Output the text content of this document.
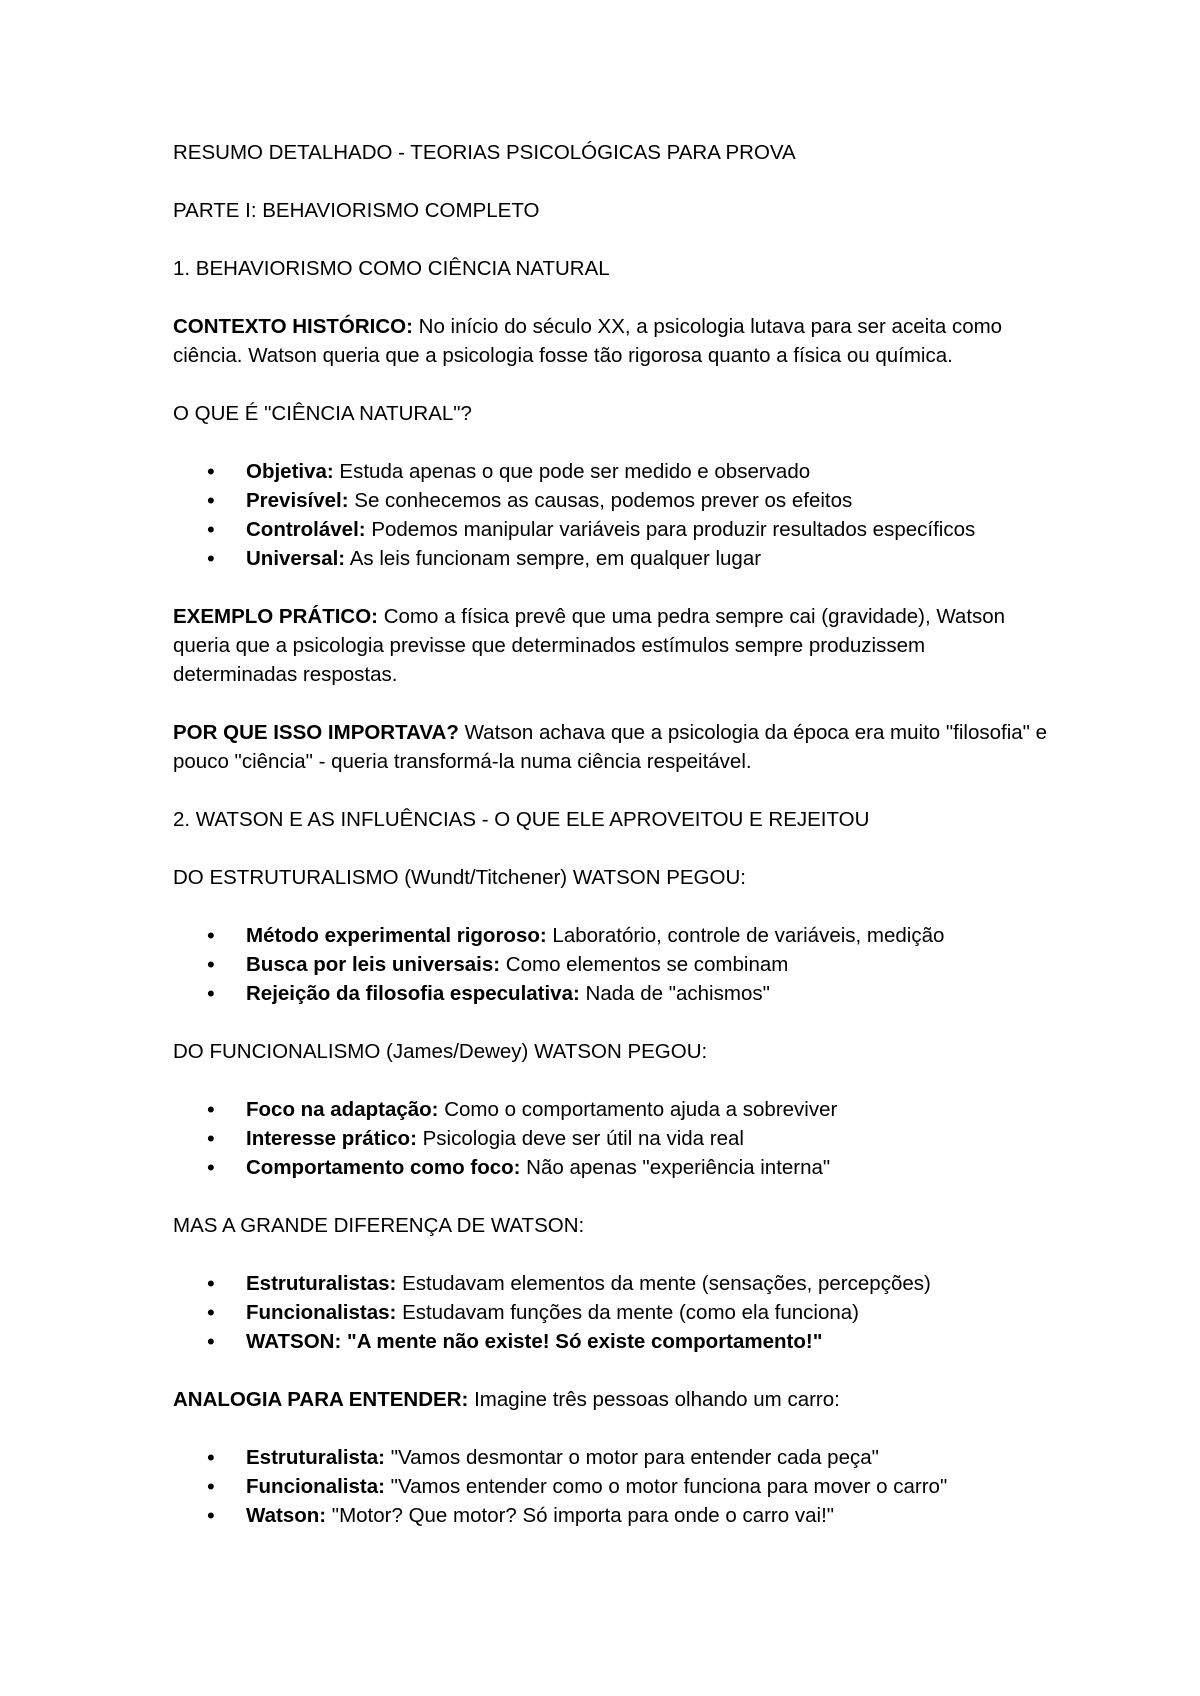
RESUMO DETALHADO - TEORIAS PSICOLÓGICAS PARA PROVA

PARTE I: BEHAVIORISMO COMPLETO

1. BEHAVIORISMO COMO CIÊNCIA NATURAL

CONTEXTO HISTÓRICO: No início do século XX, a psicologia lutava para ser aceita como ciência. Watson queria que a psicologia fosse tão rigorosa quanto a física ou química.

O QUE É "CIÊNCIA NATURAL"?

• Objetiva: Estuda apenas o que pode ser medido e observado
• Previsível: Se conhecemos as causas, podemos prever os efeitos
• Controlável: Podemos manipular variáveis para produzir resultados específicos
• Universal: As leis funcionam sempre, em qualquer lugar

EXEMPLO PRÁTICO: Como a física prevê que uma pedra sempre cai (gravidade), Watson queria que a psicologia previsse que determinados estímulos sempre produzissem determinadas respostas.

POR QUE ISSO IMPORTAVA? Watson achava que a psicologia da época era muito "filosofia" e pouco "ciência" - queria transformá-la numa ciência respeitável.

2. WATSON E AS INFLUÊNCIAS - O QUE ELE APROVEITOU E REJEITOU

DO ESTRUTURALISMO (Wundt/Titchener) WATSON PEGOU:

• Método experimental rigoroso: Laboratório, controle de variáveis, medição
• Busca por leis universais: Como elementos se combinam
• Rejeição da filosofia especulativa: Nada de "achismos"

DO FUNCIONALISMO (James/Dewey) WATSON PEGOU:

• Foco na adaptação: Como o comportamento ajuda a sobreviver
• Interesse prático: Psicologia deve ser útil na vida real
• Comportamento como foco: Não apenas "experiência interna"

MAS A GRANDE DIFERENÇA DE WATSON:

• Estruturalistas: Estudavam elementos da mente (sensações, percepções)
• Funcionalistas: Estudavam funções da mente (como ela funciona)
• WATSON: "A mente não existe! Só existe comportamento!"

ANALOGIA PARA ENTENDER: Imagine três pessoas olhando um carro:

• Estruturalista: "Vamos desmontar o motor para entender cada peça"
• Funcionalista: "Vamos entender como o motor funciona para mover o carro"
• Watson: "Motor? Que motor? Só importa para onde o carro vai!"
